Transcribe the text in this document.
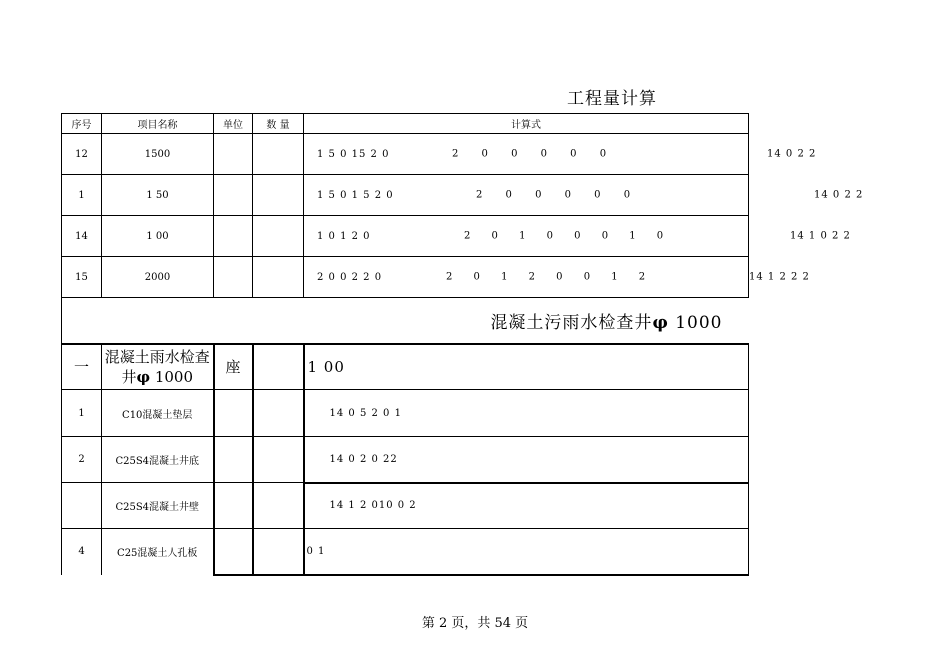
工程量计算
序号	项目名称	单位	数 量	计算式
12	1500			1 5 0 15 2 0 2 0 0 0 0 0 14 0 2 2

1	1 50			1 5 0 1 5 2 0 2 0 0 0 0 0 14 0 2 2

14	1 00			1 0 1 2 0 2 0 1 0 0 0 1 0 14 1 0 2 2

15	2000			2 0 0 2 2 0 2 0 1 2 0 0 1 2 14 1 2 2 2

混凝土污雨水检查井φ 1000				
一	混凝土雨水检查井φ 1000	座		1 00
1	C10混凝土垫层			14 0 5 2 0 1
2	C25S4混凝土井底			14 0 2 0 22
	C25S4混凝土井壁			14 1 2 010 0 2
4	C25混凝土人孔板			0 1
第 2 页，共 54 页
